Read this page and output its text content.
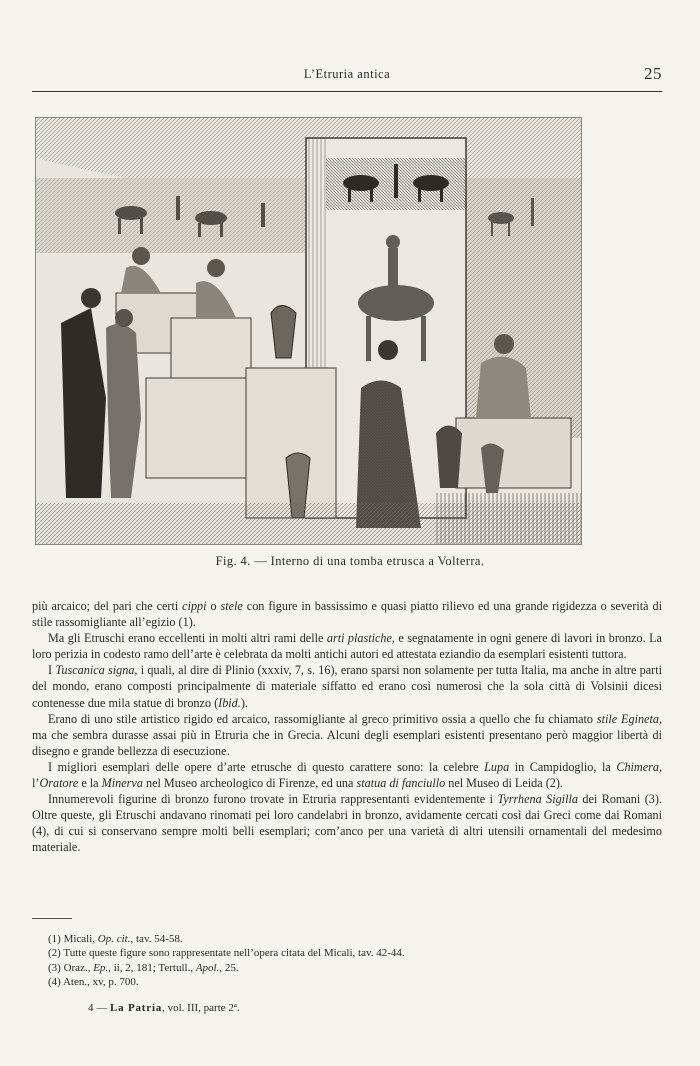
L’Etruria antica	25
Fig. 4. — Interno di una tomba etrusca a Volterra.

più arcaico; del pari che certi cippi o stele con figure in bassissimo e quasi piatto rilievo ed una grande rigidezza o severità di stile rassomigliante all’egizio (1).

Ma gli Etruschi erano eccellenti in molti altri rami delle arti plastiche, e segnatamente in ogni genere di lavori in bronzo. La loro perizia in codesto ramo dell’arte è celebrata da molti antichi autori ed attestata eziandio da esemplari esistenti tuttora.

I Tuscanica signa, i quali, al dire di Plinio (xxxiv, 7, s. 16), erano sparsi non solamente per tutta Italia, ma anche in altre parti del mondo, erano composti principalmente di materiale siffatto ed erano così numerosi che la sola città di Volsinii dicesi contenesse due mila statue di bronzo (Ibid.).

Erano di uno stile artistico rigido ed arcaico, rassomigliante al greco primitivo ossia a quello che fu chiamato stile Egineta, ma che sembra durasse assai più in Etruria che in Grecia. Alcuni degli esemplari esistenti presentano però maggior libertà di disegno e grande bellezza di esecuzione.

I migliori esemplari delle opere d’arte etrusche di questo carattere sono: la celebre Lupa in Campidoglio, la Chimera, l’Oratore e la Minerva nel Museo archeologico di Firenze, ed una statua di fanciullo nel Museo di Leida (2).

Innumerevoli figurine di bronzo furono trovate in Etruria rappresentanti evidentemente i Tyrrhena Sigilla dei Romani (3). Oltre queste, gli Etruschi andavano rinomati pei loro candelabri in bronzo, avidamente cercati così dai Greci come dai Romani (4), di cui si conservano sempre molti belli esemplari; com’anco per una varietà di altri utensili ornamentali del medesimo materiale.

(1) Micali, Op. cit., tav. 54-58.
(2) Tutte queste figure sono rappresentate nell’opera citata del Micali, tav. 42-44.
(3) Oraz., Ep., ii, 2, 181; Tertull., Apol., 25.
(4) Aten., xv, p. 700.
4 — La Patria, vol. III, parte 2ª.
